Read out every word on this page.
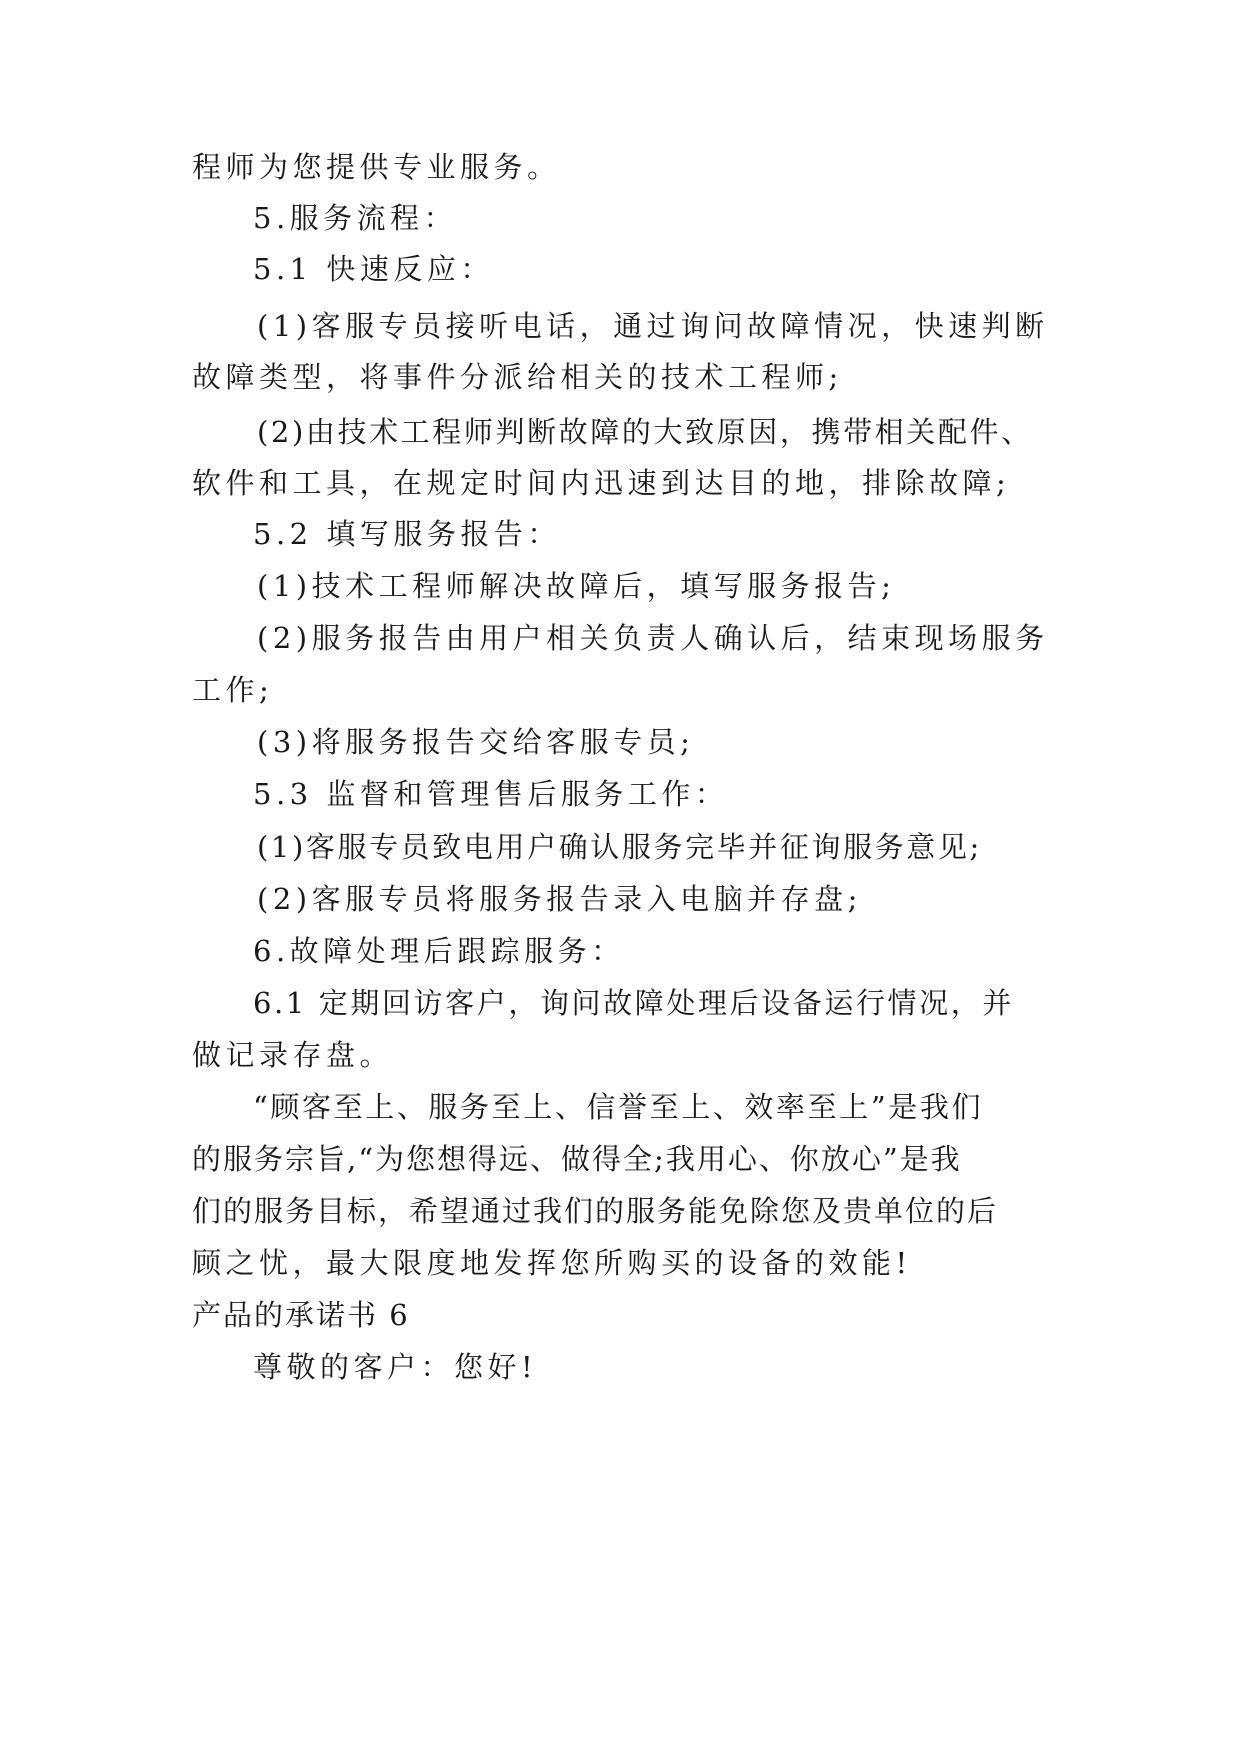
程师为您提供专业服务。
5.服务流程：
5.1 快速反应：
(1)客服专员接听电话，通过询问故障情况，快速判断
故障类型，将事件分派给相关的技术工程师;
(2)由技术工程师判断故障的大致原因，携带相关配件、
软件和工具，在规定时间内迅速到达目的地，排除故障;
5.2 填写服务报告：
(1)技术工程师解决故障后，填写服务报告;
(2)服务报告由用户相关负责人确认后，结束现场服务
工作;
(3)将服务报告交给客服专员;
5.3 监督和管理售后服务工作：
(1)客服专员致电用户确认服务完毕并征询服务意见;
(2)客服专员将服务报告录入电脑并存盘;
6.故障处理后跟踪服务：
6.1 定期回访客户，询问故障处理后设备运行情况，并
做记录存盘。
“顾客至上、服务至上、信誉至上、效率至上”是我们
的服务宗旨,“为您想得远、做得全;我用心、你放心”是我
们的服务目标，希望通过我们的服务能免除您及贵单位的后
顾之忧，最大限度地发挥您所购买的设备的效能!
产品的承诺书 6
尊敬的客户：您好!
